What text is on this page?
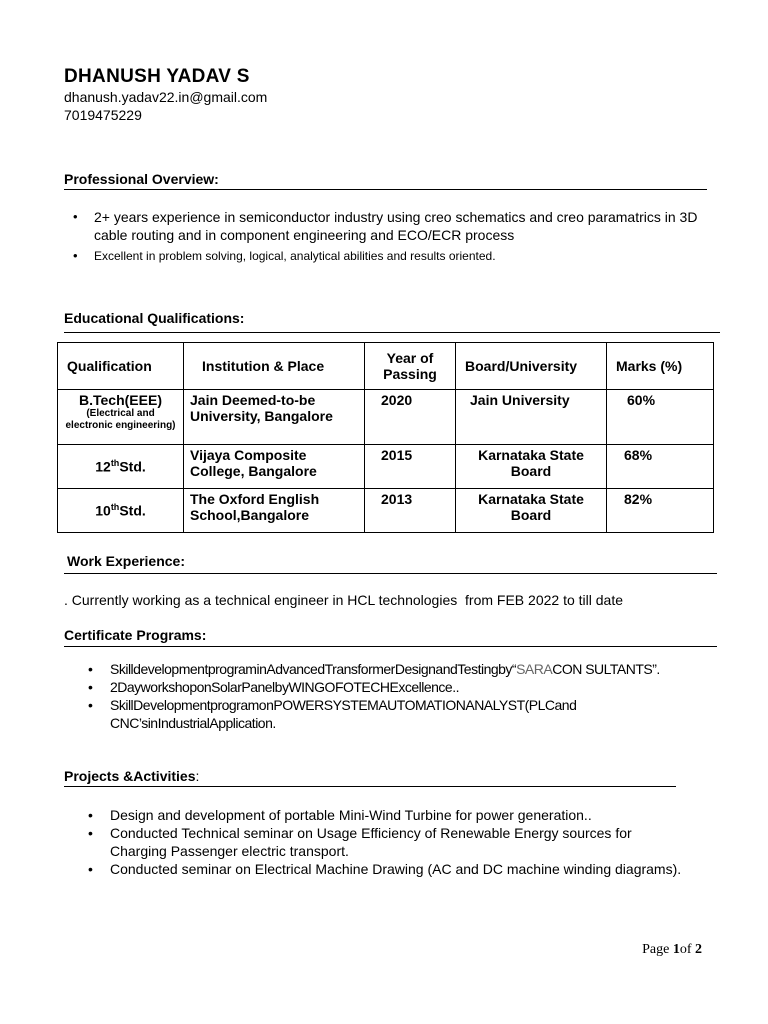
DHANUSH YADAV S
dhanush.yadav22.in@gmail.com
7019475229
Professional Overview:
• 2+ years experience in semiconductor industry using creo schematics and creo paramatrics in 3D cable routing and in component engineering and ECO/ECR process
• Excellent in problem solving, logical, analytical abilities and results oriented.
Educational Qualifications:
Qualification	Institution & Place	Year of Passing	Board/University	Marks (%)
B.Tech(EEE)
(Electrical and electronic engineering)	Jain Deemed-to-be University, Bangalore	2020	Jain University	60%
12thStd.	Vijaya Composite College, Bangalore	2015	Karnataka State Board	68%
10thStd.	The Oxford English School,Bangalore	2013	Karnataka State Board	82%
Work Experience:
. Currently working as a technical engineer in HCL technologies  from FEB 2022 to till date
Certificate Programs:
• SkilldevelopmentprograminAdvancedTransformerDesignandTestingby“SARACON SULTANTS”.
• 2DayworkshoponSolarPanelbyWINGOFOTECHExcellence..
• SkillDevelopmentprogramonPOWERSYSTEMAUTOMATIONANALYST(PLCand CNC’sinIndustrialApplication.
Projects &Activities:
• Design and development of portable Mini-Wind Turbine for power generation..
• Conducted Technical seminar on Usage Efficiency of Renewable Energy sources for Charging Passenger electric transport.
• Conducted seminar on Electrical Machine Drawing (AC and DC machine winding diagrams).
Page 1of 2
